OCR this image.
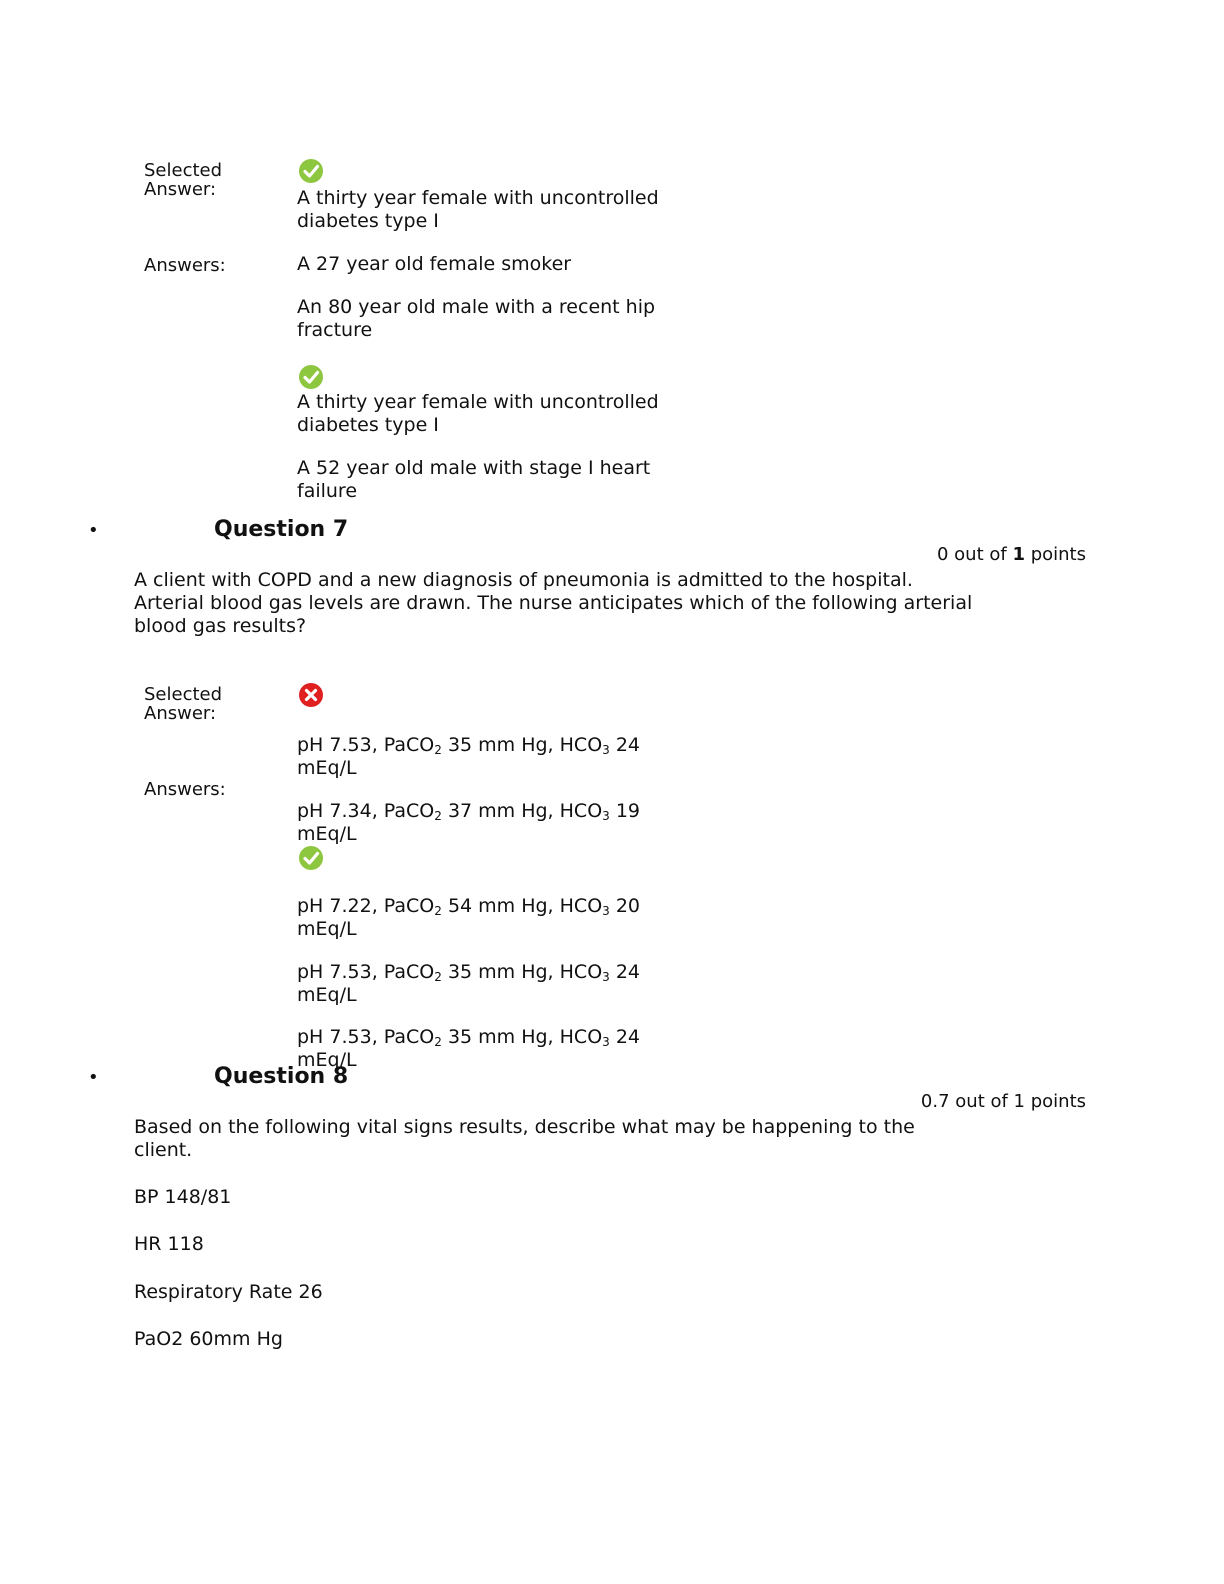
Selected Answer:	A thirty year female with uncontrolled
diabetes type I
Answers:	A 27 year old female smoker
An 80 year old male with a recent hip
fracture
A thirty year female with uncontrolled
diabetes type I
A 52 year old male with stage I heart
failure
•	Question 7
0 out of 1 points
A client with COPD and a new diagnosis of pneumonia is admitted to the hospital.
Arterial blood gas levels are drawn. The nurse anticipates which of the following arterial
blood gas results?
Selected Answer:

pH 7.53, PaCO$_2$ 35 mm Hg, $HCO_3$ 24
mEq/L

Answers:

pH 7.34, PaCO$_2$ 37 mm Hg, $HCO_3$ 19
mEq/L

pH 7.22, PaCO$_2$ 54 mm Hg, $HCO_3$ 20
mEq/L

pH 7.53, PaCO$_2$ 35 mm Hg, $HCO_3$ 24
mEq/L

pH 7.53, PaCO$_2$ 35 mm Hg, $HCO_3$ 24
mEq/L

•	Question 8
0.7 out of 1 points
Based on the following vital signs results, describe what may be happening to the
client.
BP 148/81
HR 118
Respiratory Rate 26
PaO2 60mm Hg
